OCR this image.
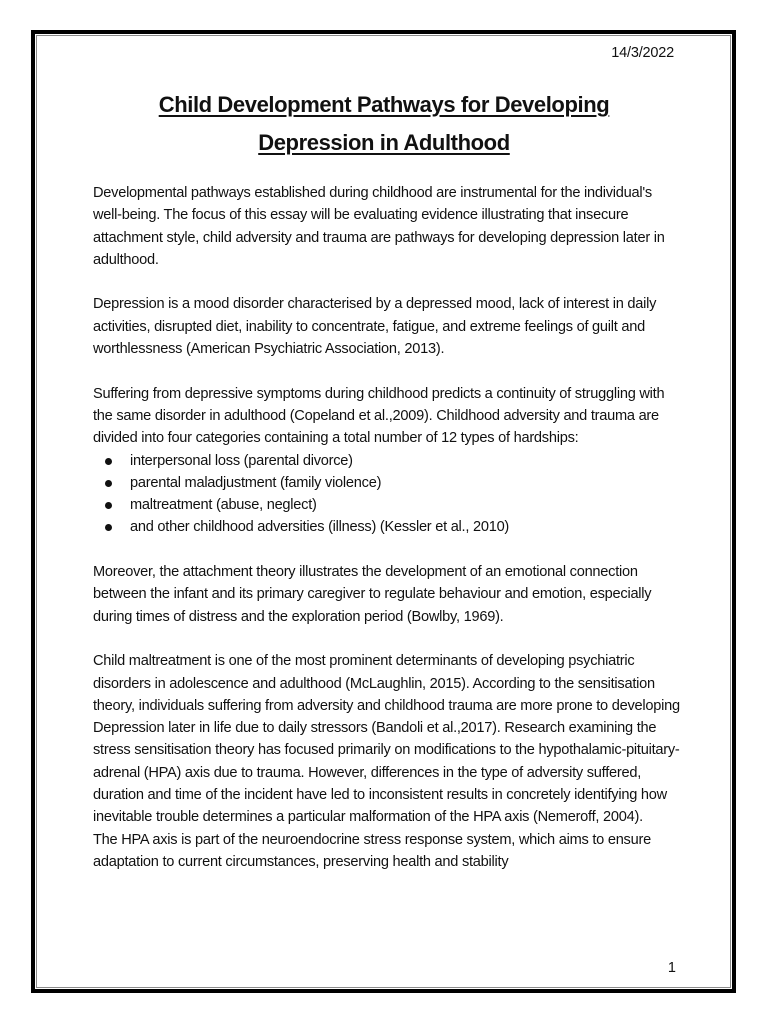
14/3/2022
Child Development Pathways for Developing
Depression in Adulthood

Developmental pathways established during childhood are instrumental for the individual's well-being. The focus of this essay will be evaluating evidence illustrating that insecure attachment style, child adversity and trauma are pathways for developing depression later in adulthood.

Depression is a mood disorder characterised by a depressed mood, lack of interest in daily activities, disrupted diet, inability to concentrate, fatigue, and extreme feelings of guilt and worthlessness (American Psychiatric Association, 2013).

Suffering from depressive symptoms during childhood predicts a continuity of struggling with the same disorder in adulthood (Copeland et al.,2009). Childhood adversity and trauma are divided into four categories containing a total number of 12 types of hardships:

interpersonal loss (parental divorce)
parental maladjustment (family violence)
maltreatment (abuse, neglect)
and other childhood adversities (illness) (Kessler et al., 2010)

Moreover, the attachment theory illustrates the development of an emotional connection between the infant and its primary caregiver to regulate behaviour and emotion, especially during times of distress and the exploration period (Bowlby, 1969).

Child maltreatment is one of the most prominent determinants of developing psychiatric disorders in adolescence and adulthood (McLaughlin, 2015). According to the sensitisation theory, individuals suffering from adversity and childhood trauma are more prone to developing Depression later in life due to daily stressors (Bandoli et al.,2017). Research examining the stress sensitisation theory has focused primarily on modifications to the hypothalamic-pituitary-adrenal (HPA) axis due to trauma. However, differences in the type of adversity suffered, duration and time of the incident have led to inconsistent results in concretely identifying how inevitable trouble determines a particular malformation of the HPA axis (Nemeroff, 2004).

The HPA axis is part of the neuroendocrine stress response system, which aims to ensure adaptation to current circumstances, preserving health and stability

1
